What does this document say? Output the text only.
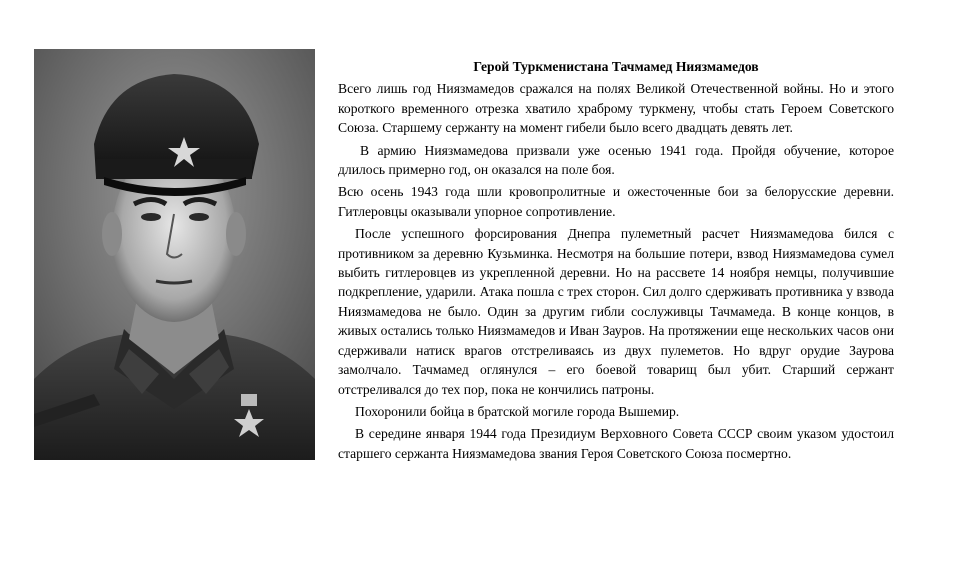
Герой Туркменистана Тачмамед Ниязмамедов
Всего лишь год Ниязмамедов сражался на полях Великой Отечественной войны. Но и этого короткого временного отрезка хватило храброму туркмену, чтобы стать Героем Советского Союза. Старшему сержанту на момент гибели было всего двадцать девять лет.
В армию Ниязмамедова призвали уже осенью 1941 года. Пройдя обучение, которое длилось примерно год, он оказался на поле боя.
Всю осень 1943 года шли кровопролитные и ожесточенные бои за белорусские деревни. Гитлеровцы оказывали упорное сопротивление.
После успешного форсирования Днепра пулеметный расчет Ниязмамедова бился с противником за деревню Кузьминка. Несмотря на большие потери, взвод Ниязмамедова сумел выбить гитлеровцев из укрепленной деревни. Но на рассвете 14 ноября немцы, получившие подкрепление, ударили. Атака пошла с трех сторон. Сил долго сдерживать противника у взвода Ниязмамедова не было. Один за другим гибли сослуживцы Тачмамеда. В конце концов, в живых остались только Ниязмамедов и Иван Зауров. На протяжении еще нескольких часов они сдерживали натиск врагов отстреливаясь из двух пулеметов. Но вдруг орудие Заурова замолчало. Тачмамед оглянулся – его боевой товарищ был убит. Старший сержант отстреливался до тех пор, пока не кончились патроны.
Похоронили бойца в братской могиле города Вышемир.
В середине января 1944 года Президиум Верховного Совета СССР своим указом удостоил старшего сержанта Ниязмамедова звания Героя Советского Союза посмертно.
